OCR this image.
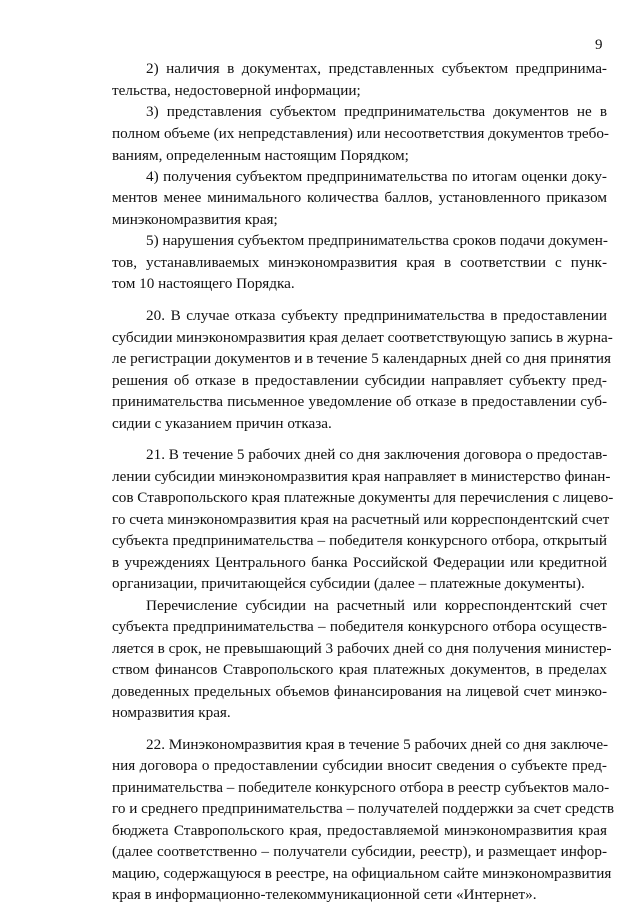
9
2) наличия в документах, представленных субъектом предпринима-
тельства, недостоверной информации;
3) представления субъектом предпринимательства документов не в
полном объеме (их непредставления) или несоответствия документов требо-
ваниям, определенным настоящим Порядком;
4) получения субъектом предпринимательства по итогам оценки доку-
ментов менее минимального количества баллов, установленного приказом
минэкономразвития края;
5) нарушения субъектом предпринимательства сроков подачи докумен-
тов, устанавливаемых минэкономразвития края в соответствии с пунк-
том 10 настоящего Порядка.
20. В случае отказа субъекту предпринимательства в предоставлении
субсидии минэкономразвития края делает соответствующую запись в журна-
ле регистрации документов и в течение 5 календарных дней со дня принятия
решения об отказе в предоставлении субсидии направляет субъекту пред-
принимательства письменное уведомление об отказе в предоставлении суб-
сидии с указанием причин отказа.
21. В течение 5 рабочих дней со дня заключения договора о предостав-
лении субсидии минэкономразвития края направляет в министерство финан-
сов Ставропольского края платежные документы для перечисления с лицево-
го счета минэкономразвития края на расчетный или корреспондентский счет
субъекта предпринимательства – победителя конкурсного отбора, открытый
в учреждениях Центрального банка Российской Федерации или кредитной
организации, причитающейся субсидии (далее – платежные документы).
Перечисление субсидии на расчетный или корреспондентский счет
субъекта предпринимательства – победителя конкурсного отбора осуществ-
ляется в срок, не превышающий 3 рабочих дней со дня получения министер-
ством финансов Ставропольского края платежных документов, в пределах
доведенных предельных объемов финансирования на лицевой счет минэко-
номразвития края.
22. Минэкономразвития края в течение 5 рабочих дней со дня заключе-
ния договора о предоставлении субсидии вносит сведения о субъекте пред-
принимательства – победителе конкурсного отбора в реестр субъектов мало-
го и среднего предпринимательства – получателей поддержки за счет средств
бюджета Ставропольского края, предоставляемой минэкономразвития края
(далее соответственно – получатели субсидии, реестр), и размещает инфор-
мацию, содержащуюся в реестре, на официальном сайте минэкономразвития
края в информационно-телекоммуникационной сети «Интернет».
